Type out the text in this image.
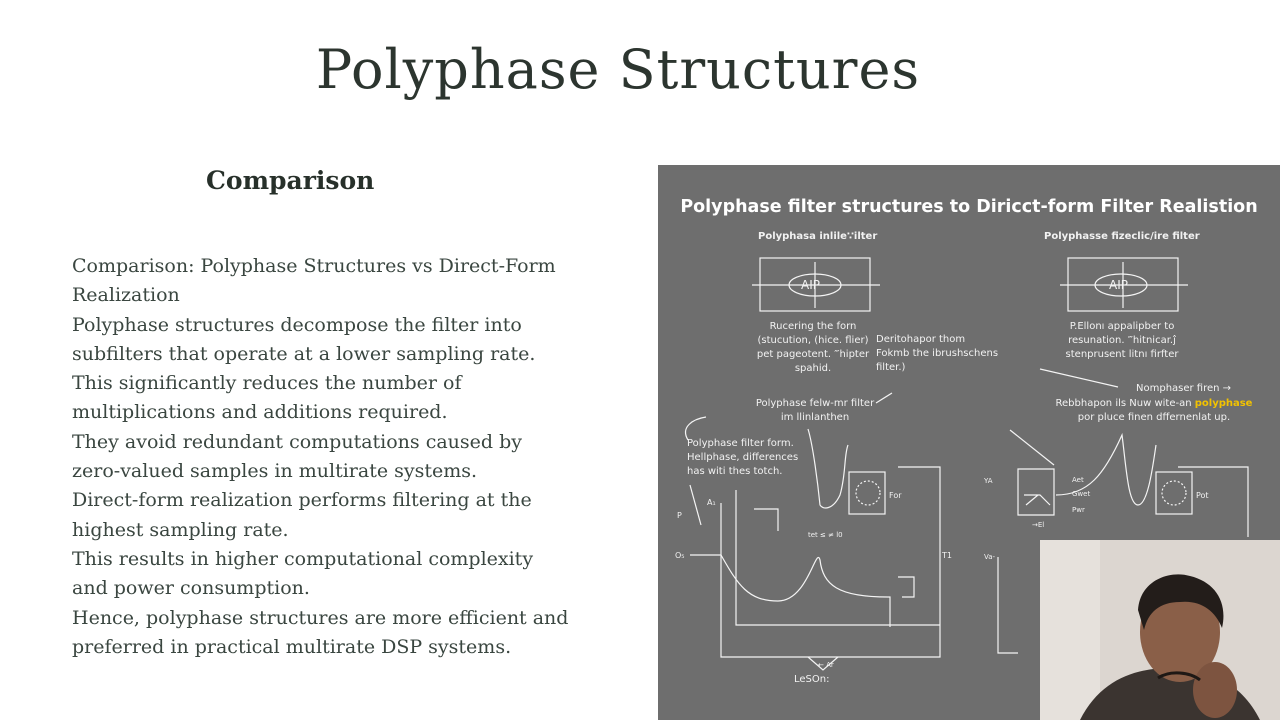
Polyphase Structures
Comparison

Comparison: Polyphase Structures vs Direct-Form Realization

Polyphase structures decompose the filter into subfilters that operate at a lower sampling rate.

This significantly reduces the number of multiplications and additions required.

They avoid redundant computations caused by zero-valued samples in multirate systems.

Direct-form realization performs filtering at the highest sampling rate.

This results in higher computational complexity and power consumption.

Hence, polyphase structures are more efficient and preferred in practical multirate DSP systems.

Polyphase filter structures to Diricct-form Filter Realistion
Polyphasa inlile∵ilter	Polyphasse fizeclic/ire filter
AIP	AIP
Rucering the forn
(stucution, (hice. flier)
pet pageotent. ‴hipter
spahid.
Deritohapor thom
Fokmb the ibrushschens
filter.)
P.Ellonı appalipber to
resunation. ‴hitnicar.ĵ
stenprusent litnı firfter
Nomphaser firen →
Polyphase felw-mr filter
im llinlanthen
Rebbhapon ils Nuw wite-an polyphase
por pluce finen dffernenlat up.
Polyphase filter form.
Hellphase, differences
has witi thes totch.
For	Pot
A₁
P
O₅	T1
tet ≤ ≠ l0
YA
Va-
Aet
Gwet
Pwr
→El
← Ar
LeSOn:
